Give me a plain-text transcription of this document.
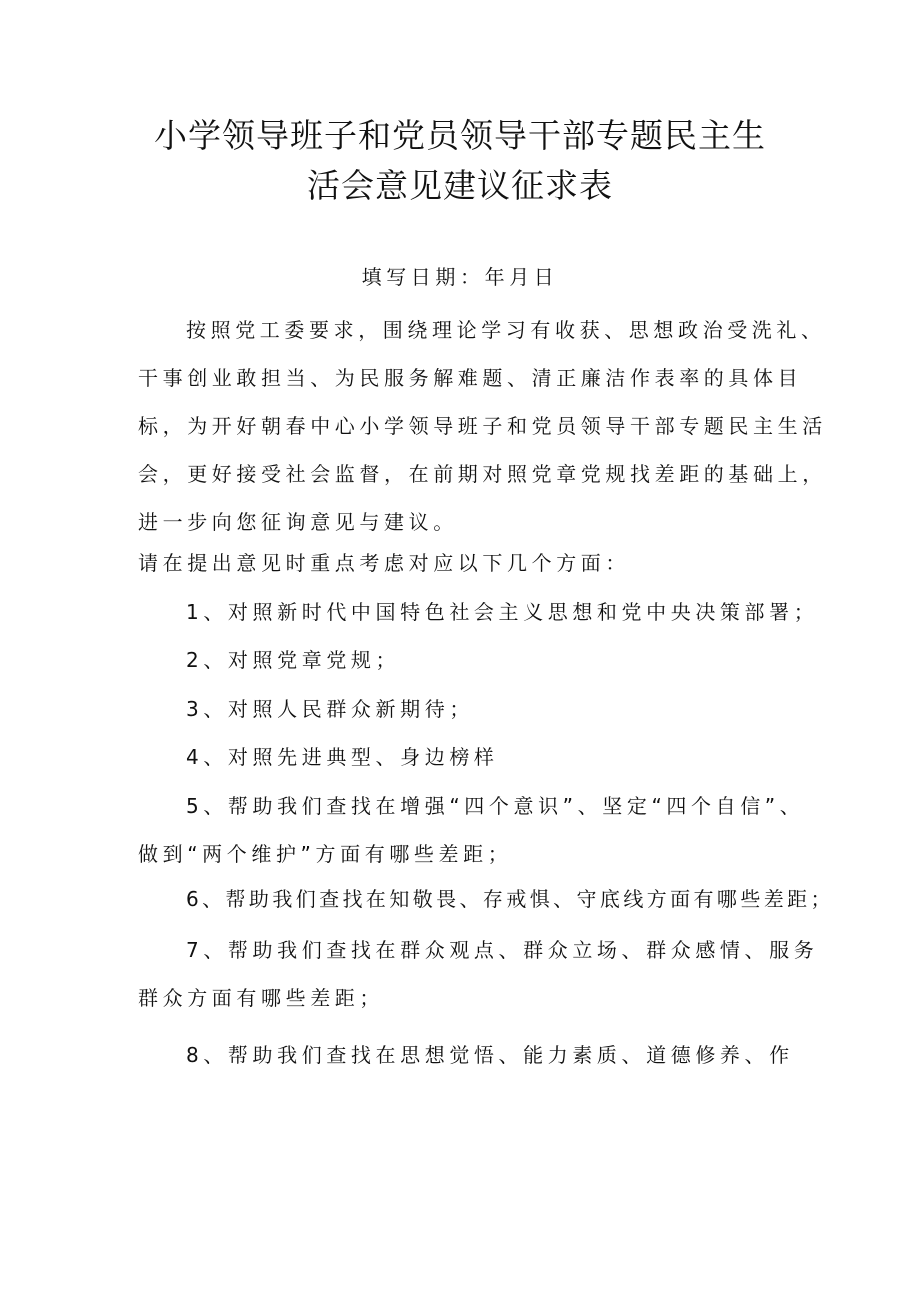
小学领导班子和党员领导干部专题民主生
活会意见建议征求表
填写日期：年月日
按照党工委要求，围绕理论学习有收获、思想政治受洗礼、干事创业敢担当、为民服务解难题、清正廉洁作表率的具体目标，为开好朝春中心小学领导班子和党员领导干部专题民主生活会，更好接受社会监督，在前期对照党章党规找差距的基础上，进一步向您征询意见与建议。
请在提出意见时重点考虑对应以下几个方面：
1、对照新时代中国特色社会主义思想和党中央决策部署；
2、对照党章党规；
3、对照人民群众新期待；
4、对照先进典型、身边榜样
5、帮助我们查找在增强“四个意识”、坚定“四个自信”、做到“两个维护”方面有哪些差距；
6、帮助我们查找在知敬畏、存戒惧、守底线方面有哪些差距；
7、帮助我们查找在群众观点、群众立场、群众感情、服务群众方面有哪些差距；
8、帮助我们查找在思想觉悟、能力素质、道德修养、作
